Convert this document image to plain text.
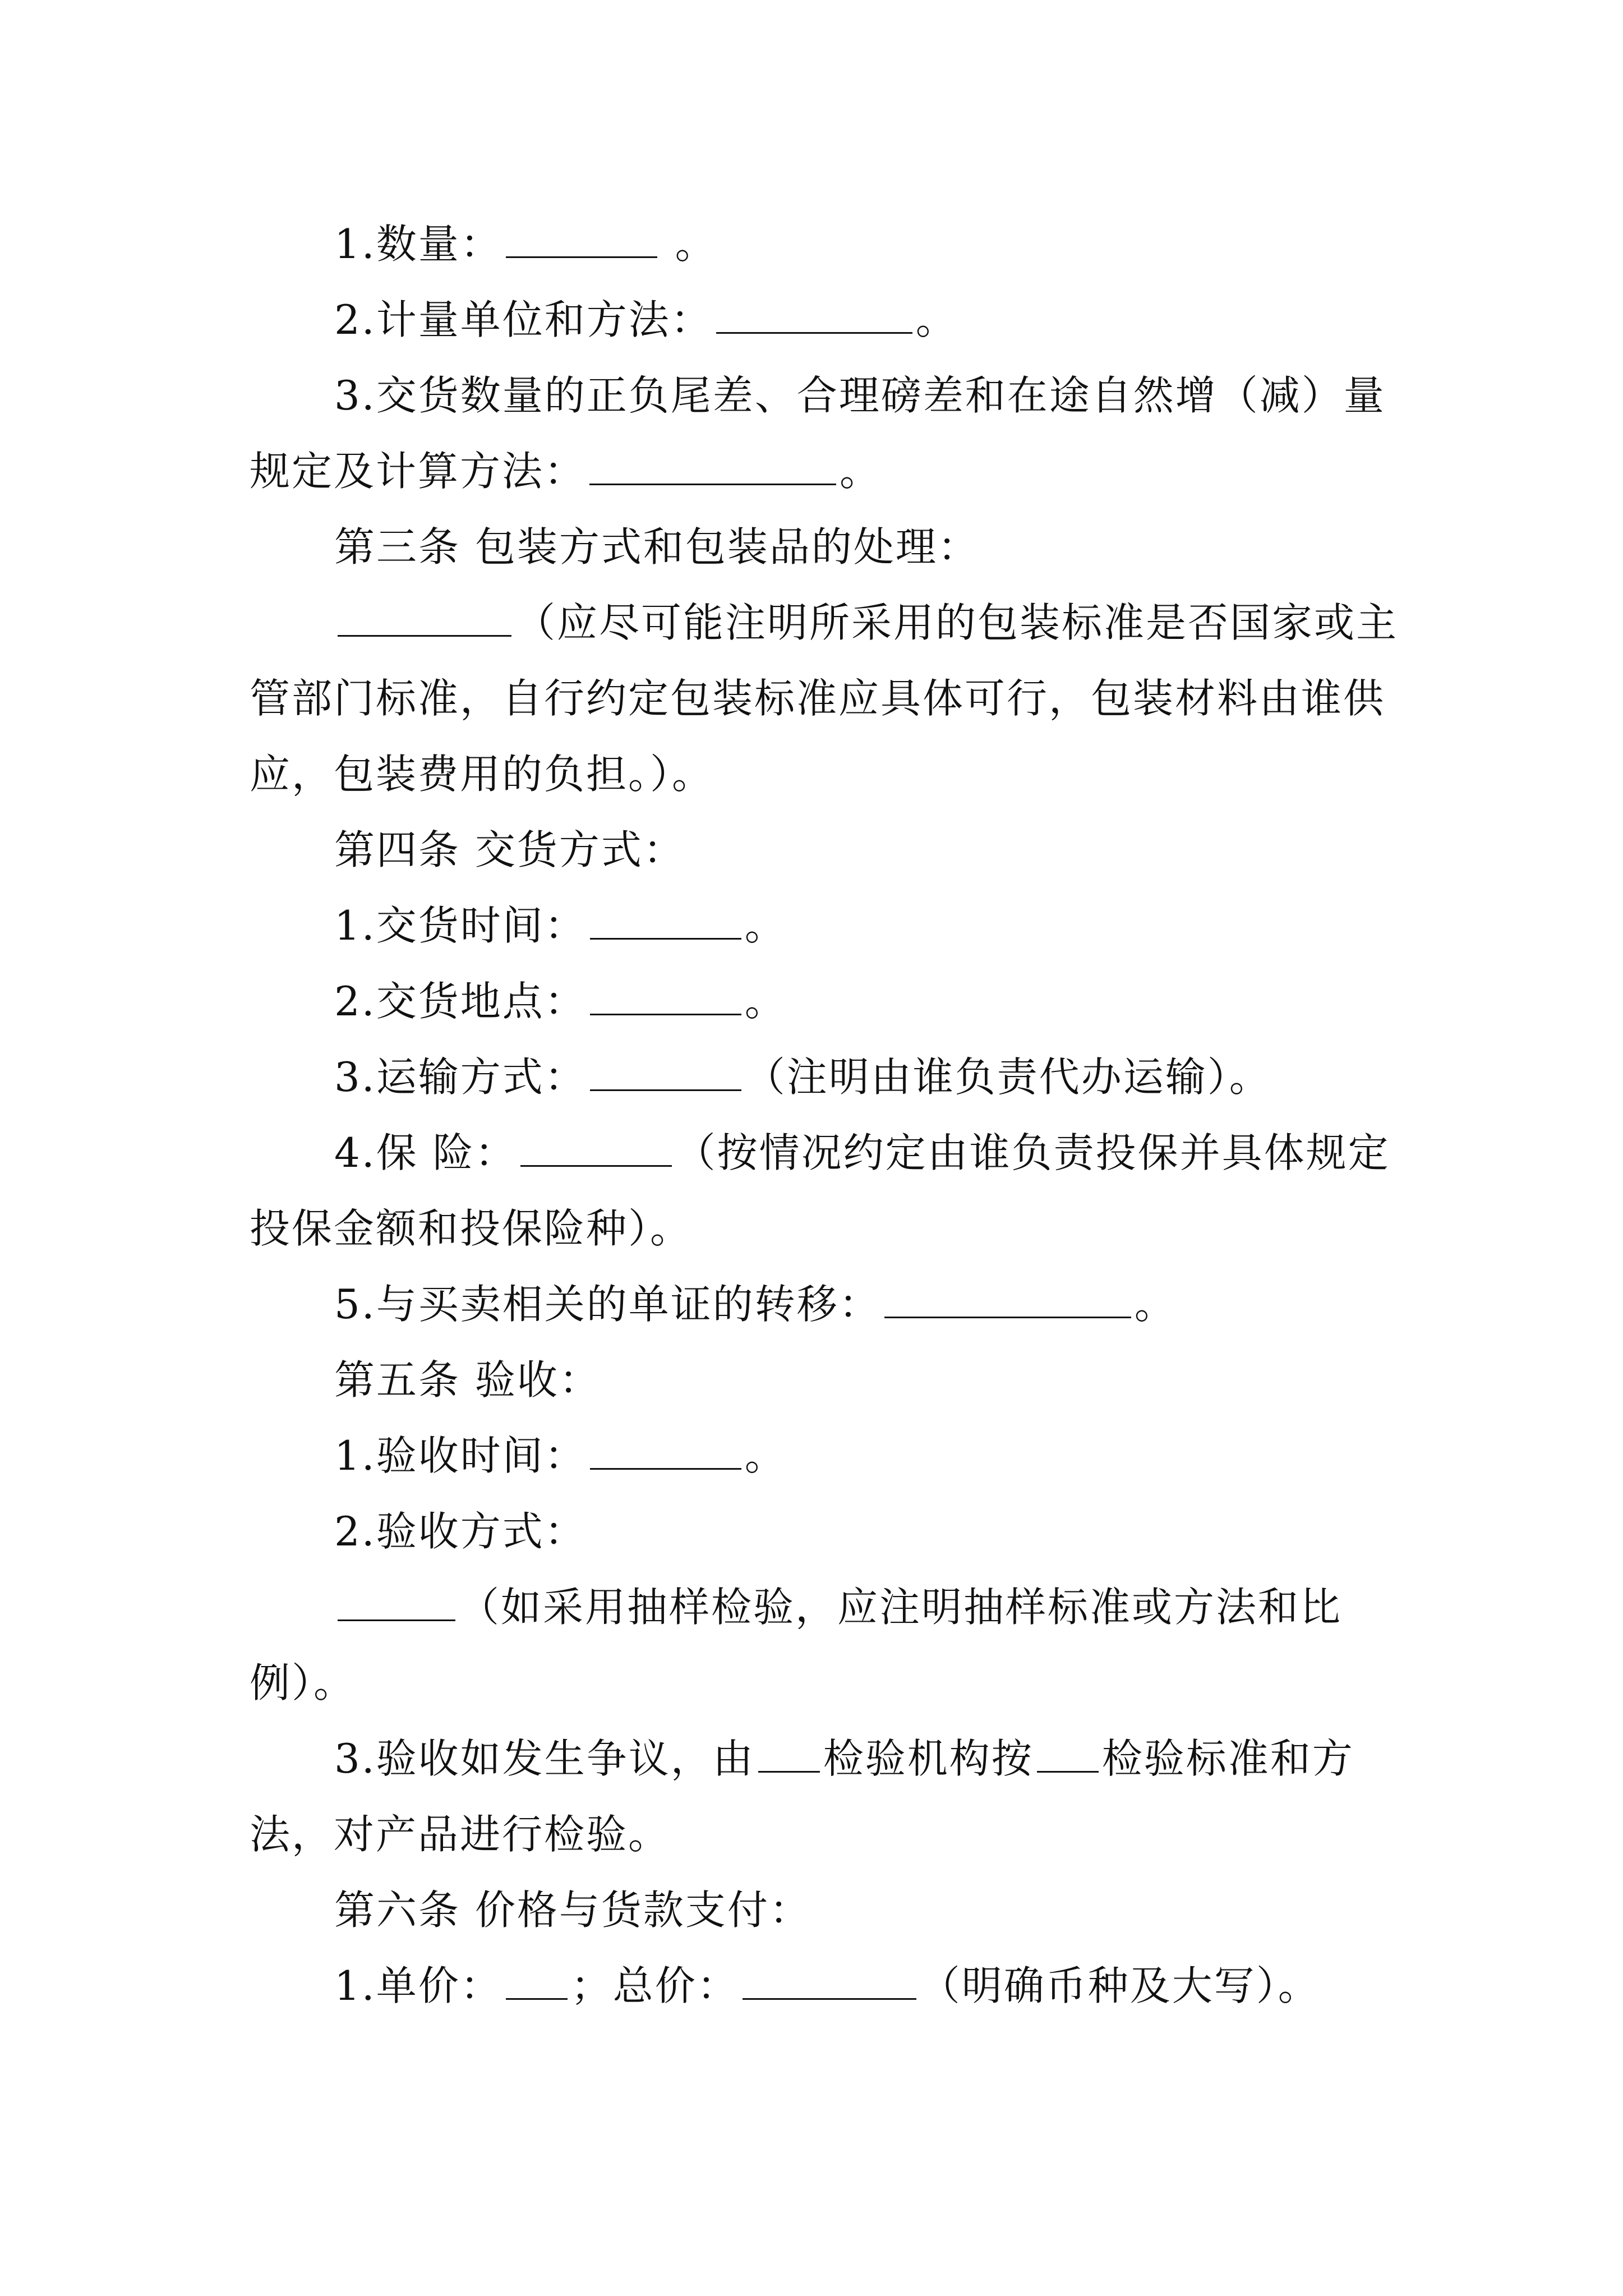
1.数量：	。

2.计量单位和方法：	。

3.交货数量的正负尾差、合理磅差和在途自然增（减）量规定及计算方法：	。

第三条 包装方式和包装品的处理：

（应尽可能注明所采用的包装标准是否国家或主管部门标准，自行约定包装标准应具体可行，包装材料由谁供应，包装费用的负担。）。

第四条 交货方式：

1.交货时间：	。

2.交货地点：	。

3.运输方式：	（注明由谁负责代办运输）。

4.保 险：	（按情况约定由谁负责投保并具体规定投保金额和投保险种）。

5.与买卖相关的单证的转移：	。

第五条 验收：

1.验收时间：	。

2.验收方式：

（如采用抽样检验，应注明抽样标准或方法和比例）。

3.验收如发生争议，由 检验机构按 检验标准和方法，对产品进行检验。

第六条 价格与货款支付：

1.单价： ；总价：	（明确币种及大写）。
